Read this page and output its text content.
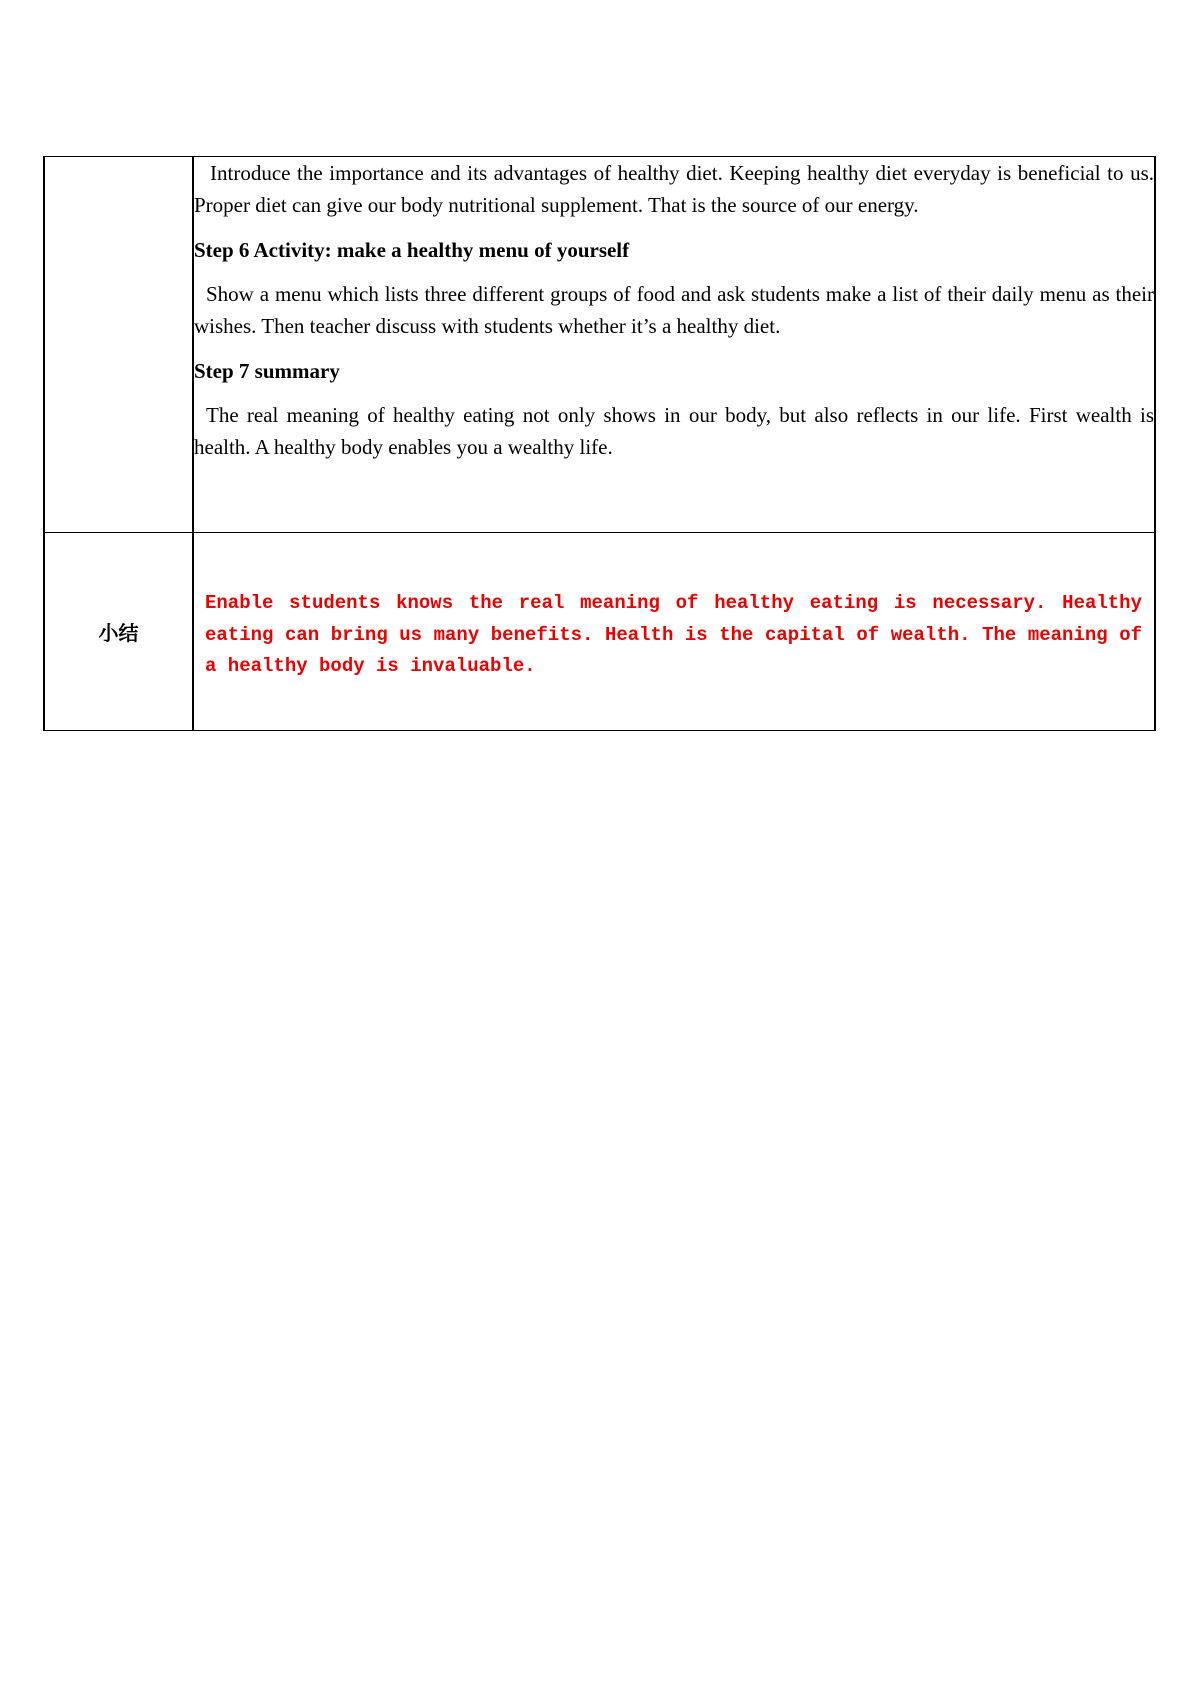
	Introduce the importance and its advantages of healthy diet. Keeping healthy diet everyday is beneficial to us. Proper diet can give our body nutritional supplement. That is the source of our energy.

Step 6 Activity: make a healthy menu of yourself

Show a menu which lists three different groups of food and ask students make a list of their daily menu as their wishes. Then teacher discuss with students whether it’s a healthy diet.

Step 7 summary

The real meaning of healthy eating not only shows in our body, but also reflects in our life. First wealth is health. A healthy body enables you a wealthy life.

小结	Enable students knows the real meaning of healthy eating is necessary. Healthy eating can bring us many benefits. Health is the capital of wealth. The meaning of a healthy body is invaluable.
